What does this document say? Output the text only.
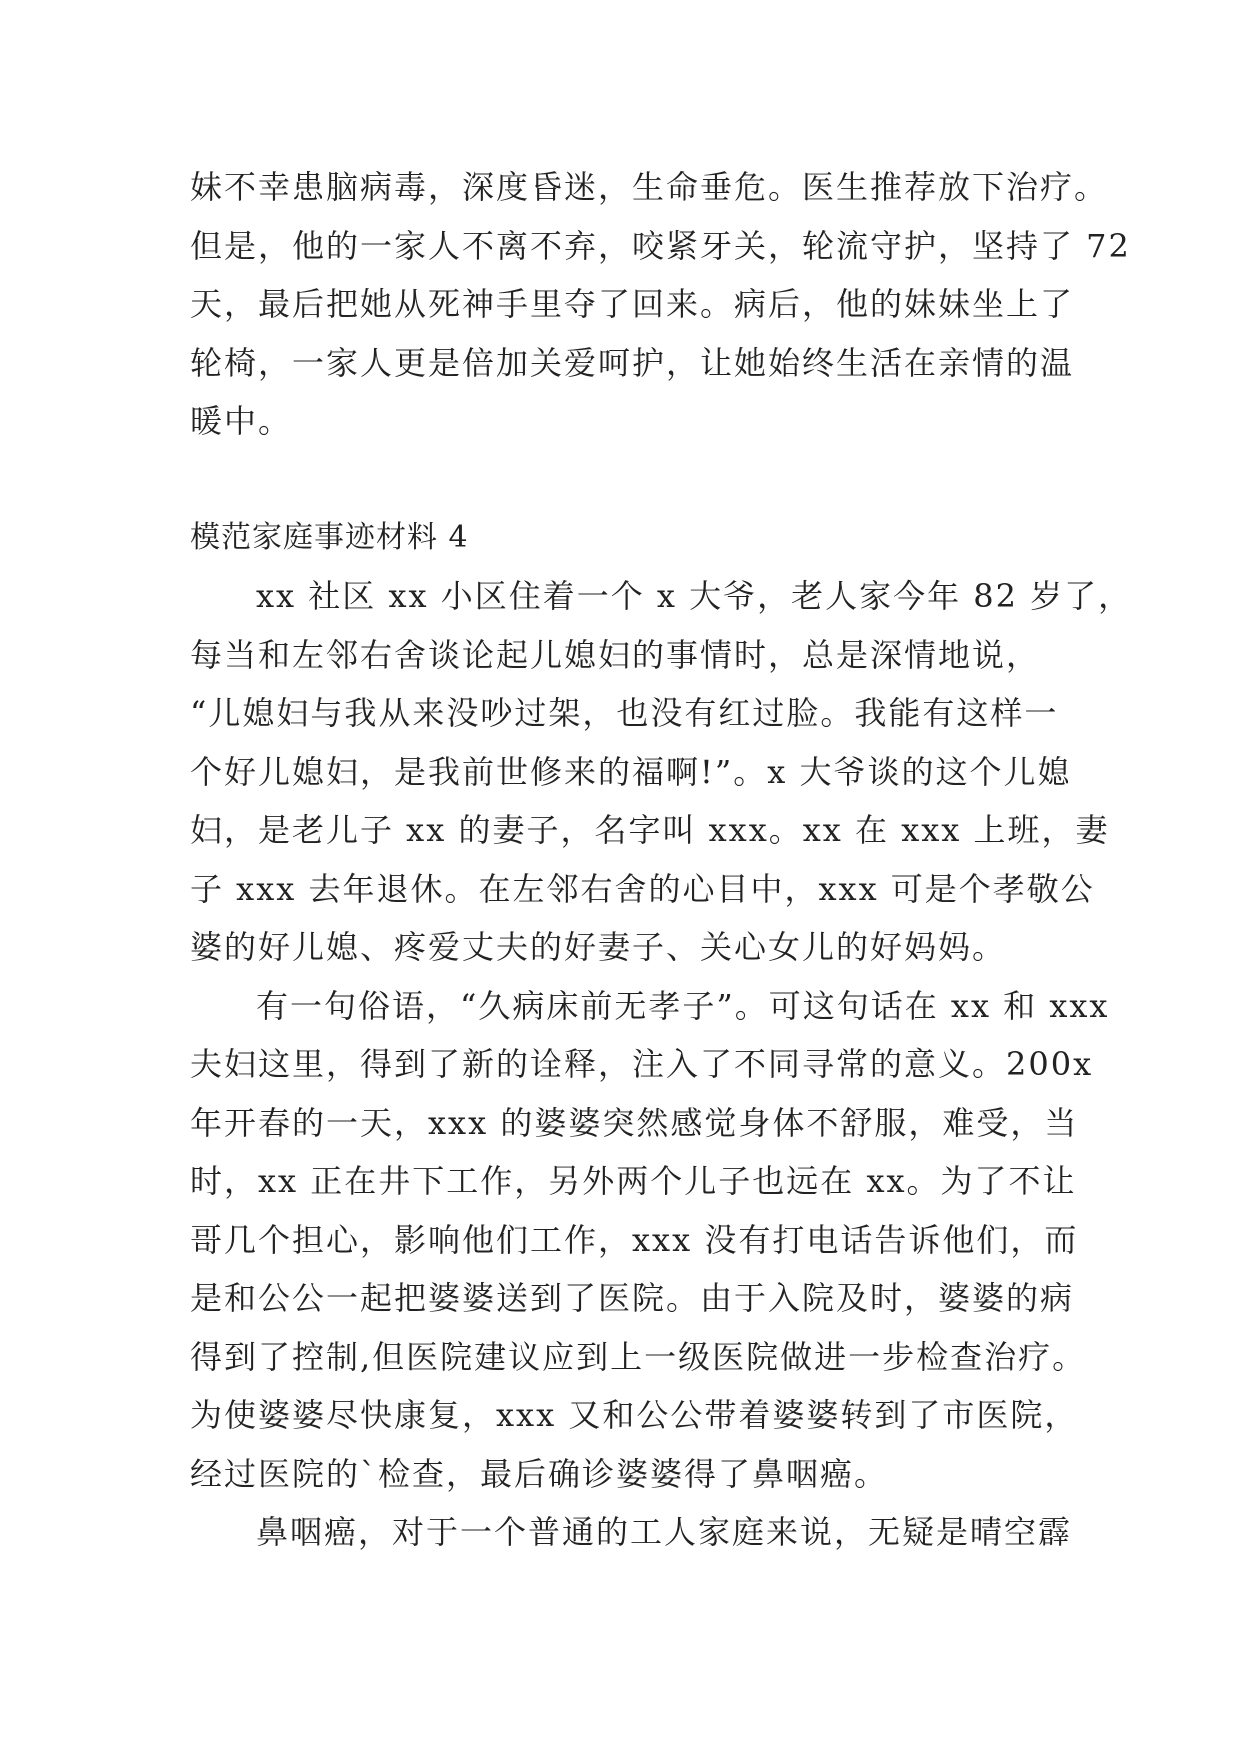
妹不幸患脑病毒，深度昏迷，生命垂危。医生推荐放下治疗。
但是，他的一家人不离不弃，咬紧牙关，轮流守护，坚持了 72
天，最后把她从死神手里夺了回来。病后，他的妹妹坐上了
轮椅，一家人更是倍加关爱呵护，让她始终生活在亲情的温
暖中。
模范家庭事迹材料 4
xx 社区 xx 小区住着一个 x 大爷，老人家今年 82 岁了，
每当和左邻右舍谈论起儿媳妇的事情时，总是深情地说，
“儿媳妇与我从来没吵过架，也没有红过脸。我能有这样一
个好儿媳妇，是我前世修来的福啊!”。x 大爷谈的这个儿媳
妇，是老儿子 xx 的妻子，名字叫 xxx。xx 在 xxx 上班，妻
子 xxx 去年退休。在左邻右舍的心目中，xxx 可是个孝敬公
婆的好儿媳、疼爱丈夫的好妻子、关心女儿的好妈妈。
有一句俗语，“久病床前无孝子”。可这句话在 xx 和 xxx
夫妇这里，得到了新的诠释，注入了不同寻常的意义。200x
年开春的一天，xxx 的婆婆突然感觉身体不舒服，难受，当
时，xx 正在井下工作，另外两个儿子也远在 xx。为了不让
哥几个担心，影响他们工作，xxx 没有打电话告诉他们，而
是和公公一起把婆婆送到了医院。由于入院及时，婆婆的病
得到了控制,但医院建议应到上一级医院做进一步检查治疗。
为使婆婆尽快康复，xxx 又和公公带着婆婆转到了市医院，
经过医院的`检查，最后确诊婆婆得了鼻咽癌。
鼻咽癌，对于一个普通的工人家庭来说，无疑是晴空霹
